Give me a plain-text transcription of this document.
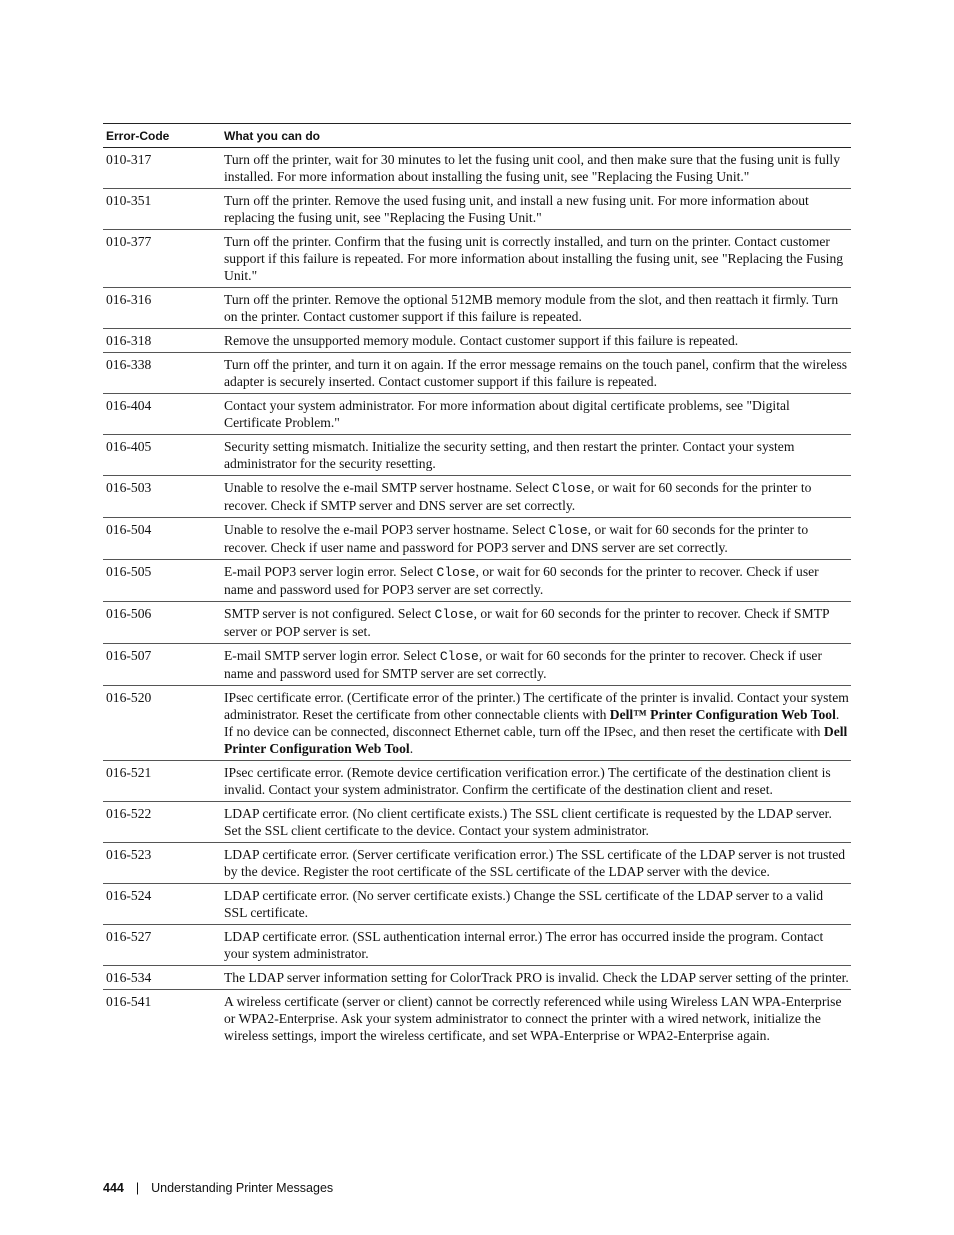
Error-Code	What you can do
010-317	Turn off the printer, wait for 30 minutes to let the fusing unit cool, and then make sure that the fusing unit is fully installed. For more information about installing the fusing unit, see "Replacing the Fusing Unit."
010-351	Turn off the printer. Remove the used fusing unit, and install a new fusing unit. For more information about replacing the fusing unit, see "Replacing the Fusing Unit."
010-377	Turn off the printer. Confirm that the fusing unit is correctly installed, and turn on the printer. Contact customer support if this failure is repeated. For more information about installing the fusing unit, see "Replacing the Fusing Unit."
016-316	Turn off the printer. Remove the optional 512MB memory module from the slot, and then reattach it firmly. Turn on the printer. Contact customer support if this failure is repeated.
016-318	Remove the unsupported memory module. Contact customer support if this failure is repeated.
016-338	Turn off the printer, and turn it on again. If the error message remains on the touch panel, confirm that the wireless adapter is securely inserted. Contact customer support if this failure is repeated.
016-404	Contact your system administrator. For more information about digital certificate problems, see "Digital Certificate Problem."
016-405	Security setting mismatch. Initialize the security setting, and then restart the printer. Contact your system administrator for the security resetting.
016-503	Unable to resolve the e-mail SMTP server hostname. Select Close, or wait for 60 seconds for the printer to recover. Check if SMTP server and DNS server are set correctly.
016-504	Unable to resolve the e-mail POP3 server hostname. Select Close, or wait for 60 seconds for the printer to recover. Check if user name and password for POP3 server and DNS server are set correctly.
016-505	E-mail POP3 server login error. Select Close, or wait for 60 seconds for the printer to recover. Check if user name and password used for POP3 server are set correctly.
016-506	SMTP server is not configured. Select Close, or wait for 60 seconds for the printer to recover. Check if SMTP server or POP server is set.
016-507	E-mail SMTP server login error. Select Close, or wait for 60 seconds for the printer to recover. Check if user name and password used for SMTP server are set correctly.
016-520	IPsec certificate error. (Certificate error of the printer.) The certificate of the printer is invalid. Contact your system administrator. Reset the certificate from other connectable clients with Dell™ Printer Configuration Web Tool. If no device can be connected, disconnect Ethernet cable, turn off the IPsec, and then reset the certificate with Dell Printer Configuration Web Tool.
016-521	IPsec certificate error. (Remote device certification verification error.) The certificate of the destination client is invalid. Contact your system administrator. Confirm the certificate of the destination client and reset.
016-522	LDAP certificate error. (No client certificate exists.) The SSL client certificate is requested by the LDAP server. Set the SSL client certificate to the device. Contact your system administrator.
016-523	LDAP certificate error. (Server certificate verification error.) The SSL certificate of the LDAP server is not trusted by the device. Register the root certificate of the SSL certificate of the LDAP server with the device.
016-524	LDAP certificate error. (No server certificate exists.) Change the SSL certificate of the LDAP server to a valid SSL certificate.
016-527	LDAP certificate error. (SSL authentication internal error.) The error has occurred inside the program. Contact your system administrator.
016-534	The LDAP server information setting for ColorTrack PRO is invalid. Check the LDAP server setting of the printer.
016-541	A wireless certificate (server or client) cannot be correctly referenced while using Wireless LAN WPA-Enterprise or WPA2-Enterprise. Ask your system administrator to connect the printer with a wired network, initialize the wireless settings, import the wireless certificate, and set WPA-Enterprise or WPA2-Enterprise again.
444 | Understanding Printer Messages
